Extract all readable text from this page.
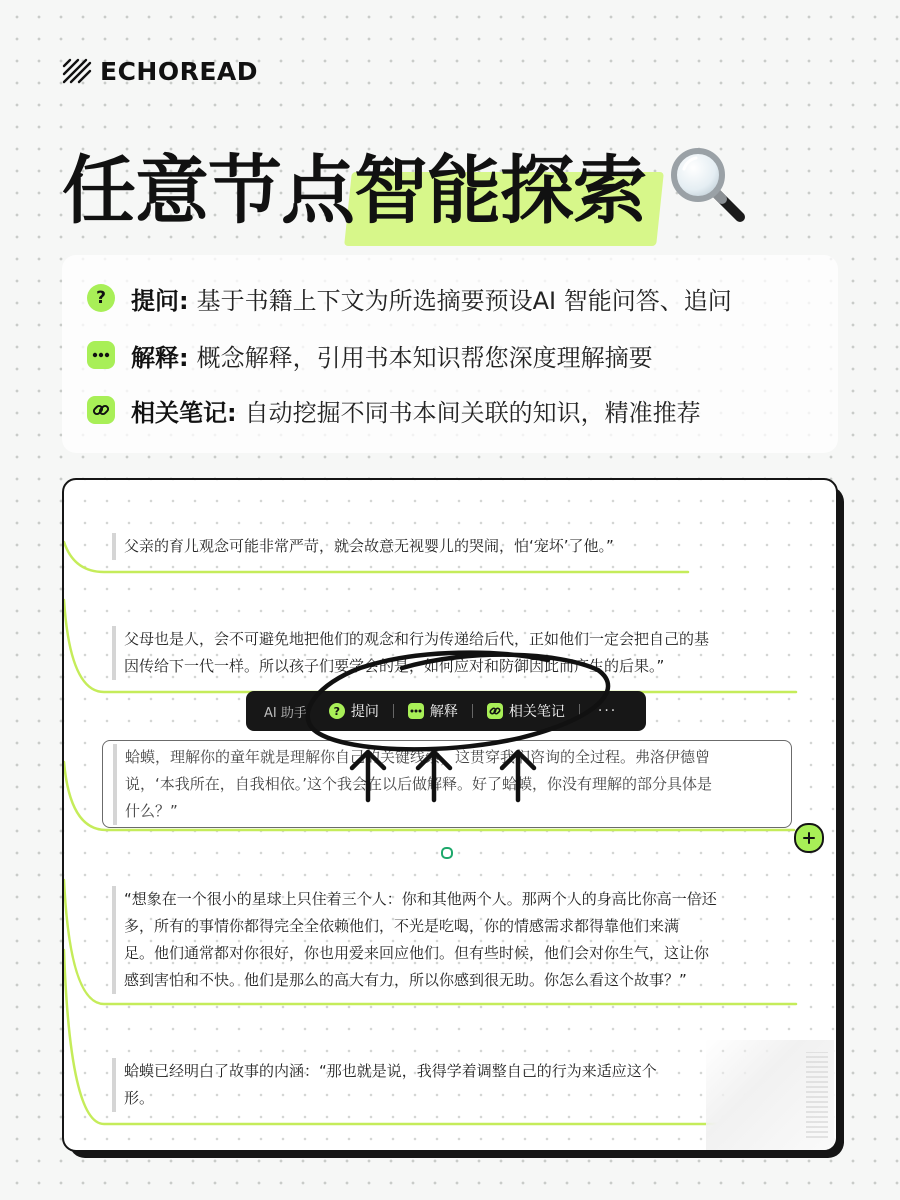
ECHOREAD
任意节点 智能探索
? 提问: 基于书籍上下文为所选摘要预设AI 智能问答、追问
解释: 概念解释，引用书本知识帮您深度理解摘要
相关笔记: 自动挖掘不同书本间关联的知识，精准推荐
父亲的育儿观念可能非常严苛，就会故意无视婴儿的哭闹，怕‘宠坏’了他。”
父母也是人，会不可避免地把他们的观念和行为传递给后代，正如他们一定会把自己的基
因传给下一代一样。所以孩子们要学会的是，如何应对和防御因此而产生的后果。”
蛤蟆，理解你的童年就是理解你自己的关键线索，这贯穿我们咨询的全过程。弗洛伊德曾
说，‘本我所在，自我相依。’这个我会在以后做解释。好了蛤蟆，你没有理解的部分具体是
什么？”
AI 助手 ? 提问	解释	相关笔记 ···
“想象在一个很小的星球上只住着三个人：你和其他两个人。那两个人的身高比你高一倍还
多，所有的事情你都得完全全依赖他们，不光是吃喝，你的情感需求都得靠他们来满
足。他们通常都对你很好，你也用爱来回应他们。但有些时候，他们会对你生气，这让你
感到害怕和不快。他们是那么的高大有力，所以你感到很无助。你怎么看这个故事？”
蛤蟆已经明白了故事的内涵：“那也就是说，我得学着调整自己的行为来适应这个
形。
